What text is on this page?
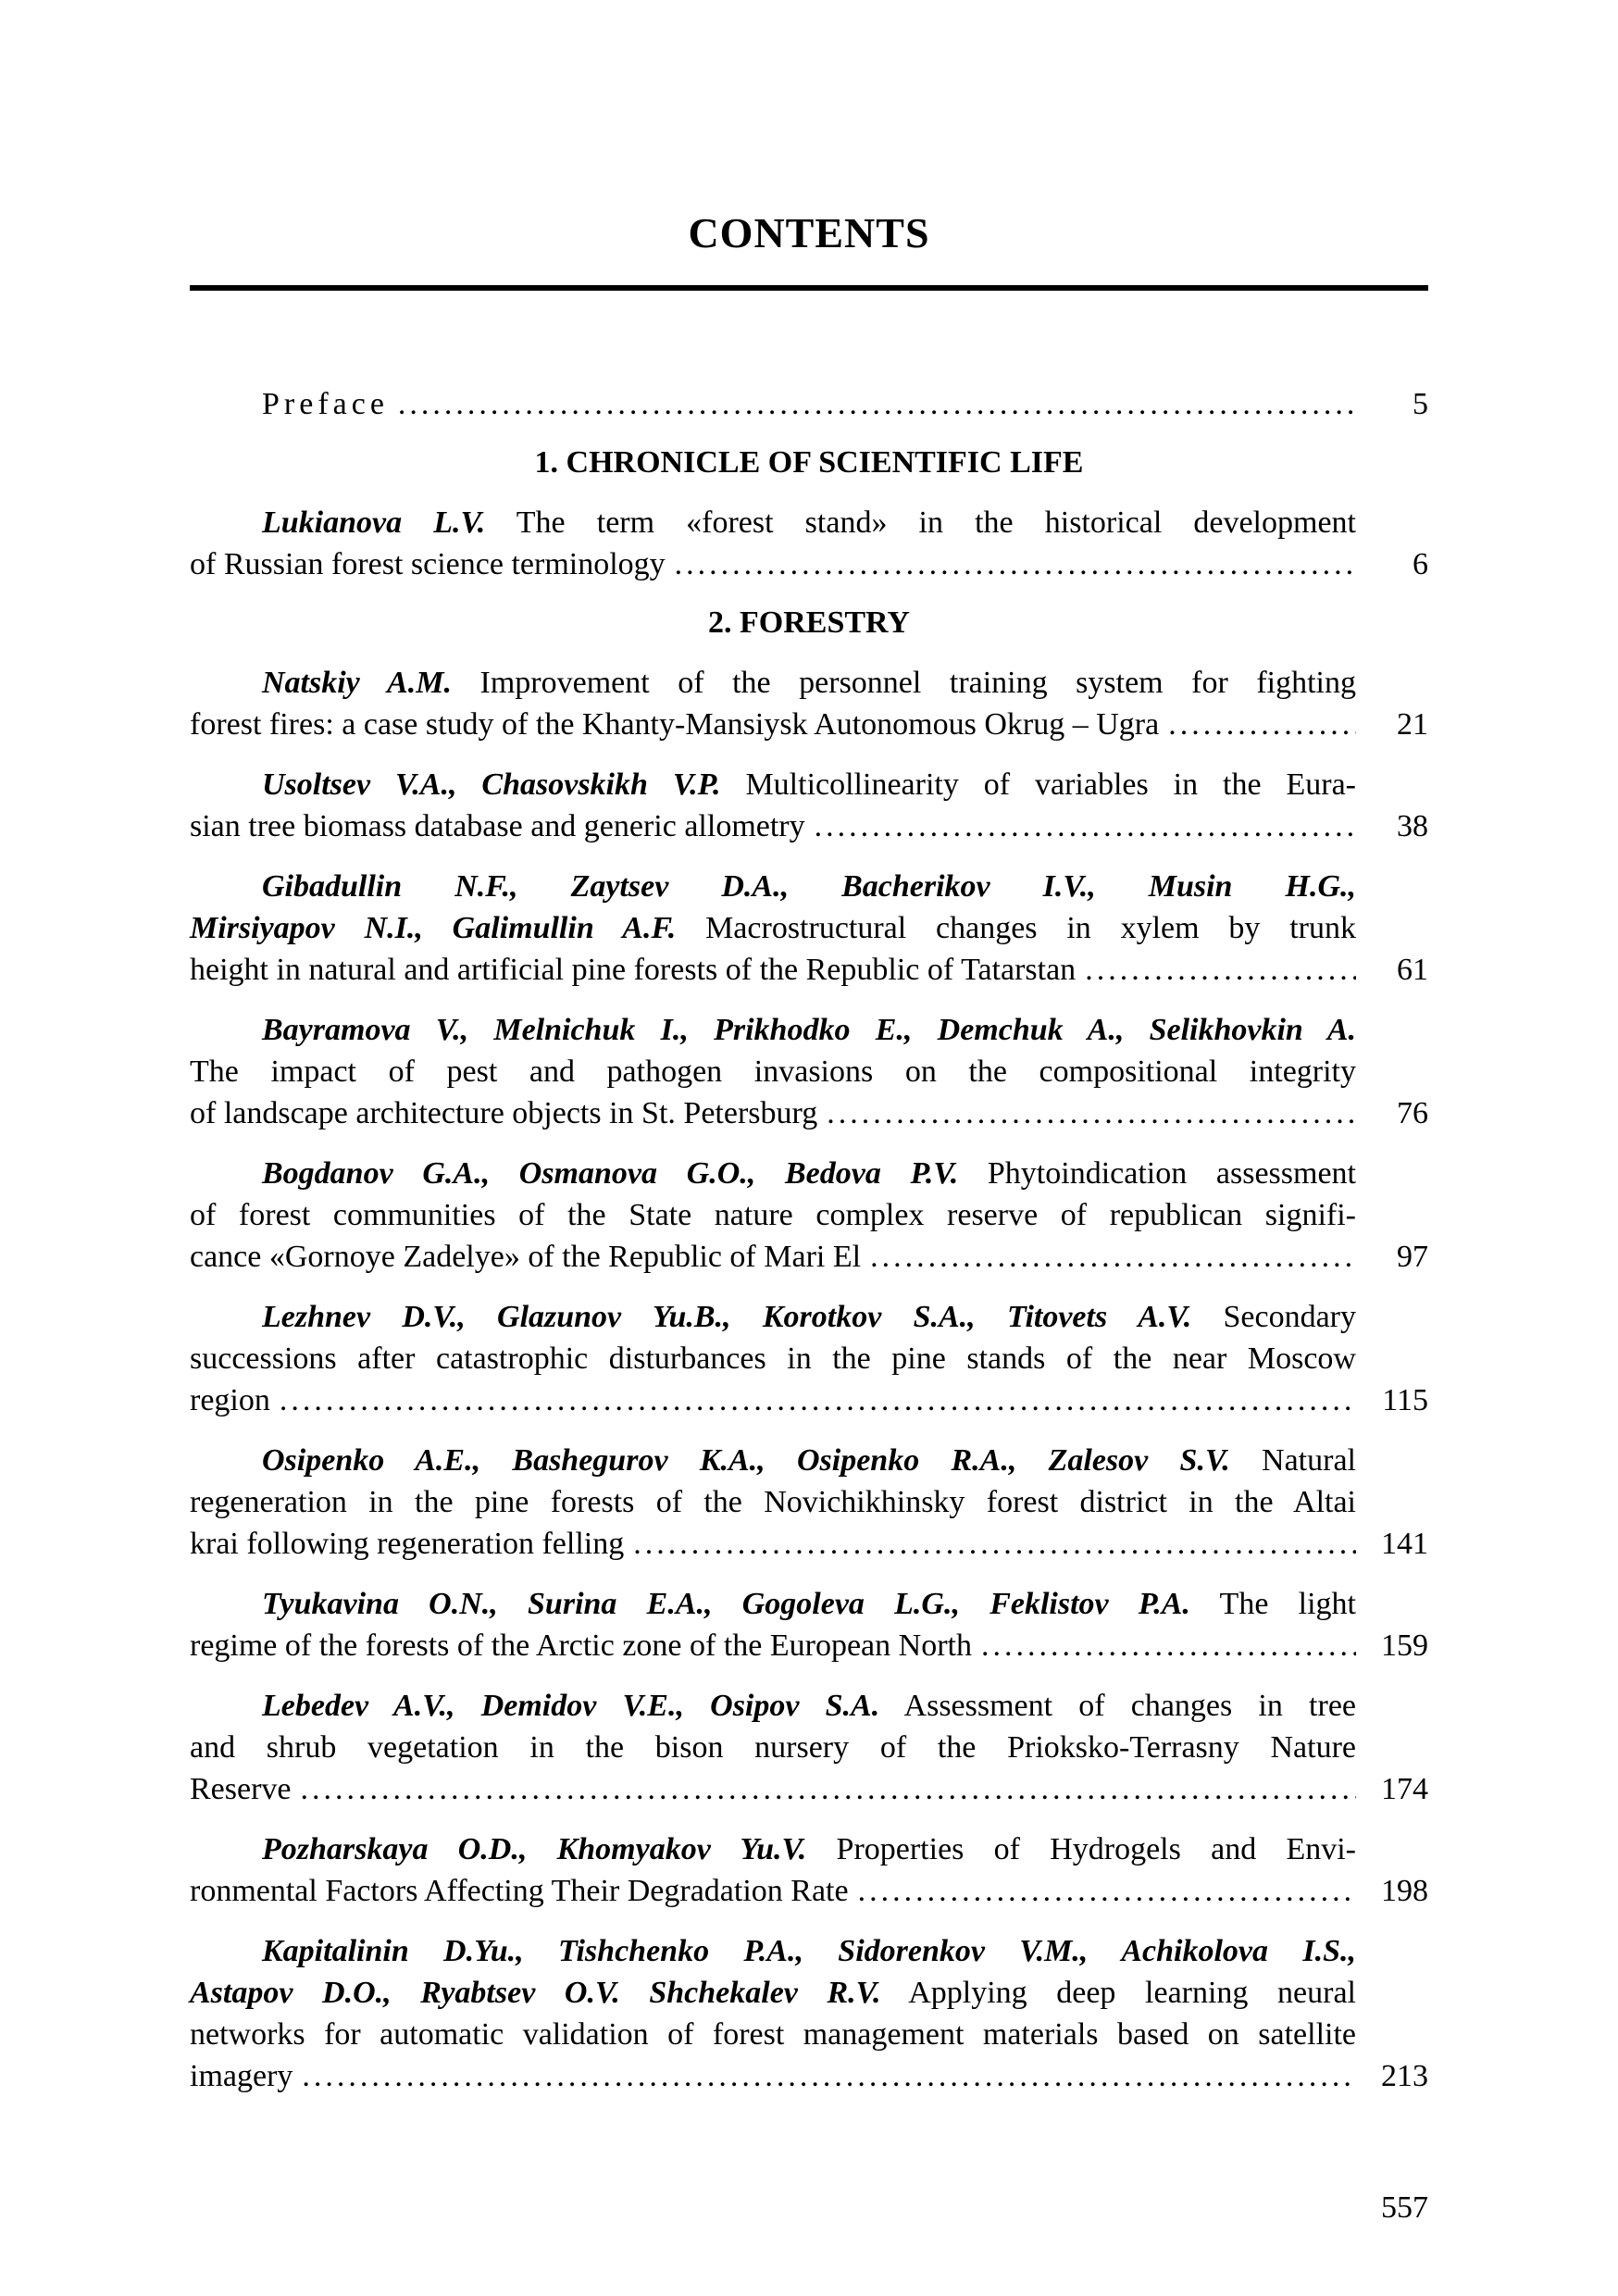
CONTENTS
Preface .....	5
1. CHRONICLE OF SCIENTIFIC LIFE
Lukianova L.V. The term «forest stand» in the historical development
of Russian forest science terminology .....	6
2. FORESTRY
Natskiy A.M. Improvement of the personnel training system for fighting
forest fires: a case study of the Khanty-Mansiysk Autonomous Okrug – Ugra .....	21
Usoltsev V.A., Chasovskikh V.P. Multicollinearity of variables in the Eura-
sian tree biomass database and generic allometry .....	38
Gibadullin N.F., Zaytsev D.A., Bacherikov I.V., Musin H.G.,
Mirsiyapov N.I., Galimullin A.F. Macrostructural changes in xylem by trunk
height in natural and artificial pine forests of the Republic of Tatarstan .....	61
Bayramova V., Melnichuk I., Prikhodko E., Demchuk A., Selikhovkin A.
The impact of pest and pathogen invasions on the compositional integrity
of landscape architecture objects in St. Petersburg .....	76
Bogdanov G.A., Osmanova G.O., Bedova P.V. Phytoindication assessment
of forest communities of the State nature complex reserve of republican signifi-
cance «Gornoye Zadelye» of the Republic of Mari El .....	97
Lezhnev D.V., Glazunov Yu.B., Korotkov S.A., Titovets A.V. Secondary
successions after catastrophic disturbances in the pine stands of the near Moscow
region .....	115
Osipenko A.E., Bashegurov K.A., Osipenko R.A., Zalesov S.V. Natural
regeneration in the pine forests of the Novichikhinsky forest district in the Altai
krai following regeneration felling .....	141
Tyukavina O.N., Surina E.A., Gogoleva L.G., Feklistov P.A. The light
regime of the forests of the Arctic zone of the European North .....	159
Lebedev A.V., Demidov V.E., Osipov S.A. Assessment of changes in tree
and shrub vegetation in the bison nursery of the Prioksko-Terrasny Nature
Reserve .....	174
Pozharskaya O.D., Khomyakov Yu.V. Properties of Hydrogels and Envi-
ronmental Factors Affecting Their Degradation Rate .....	198
Kapitalinin D.Yu., Tishchenko P.A., Sidorenkov V.M., Achikolova I.S.,
Astapov D.O., Ryabtsev O.V. Shchekalev R.V. Applying deep learning neural
networks for automatic validation of forest management materials based on satellite
imagery .....	213
557
